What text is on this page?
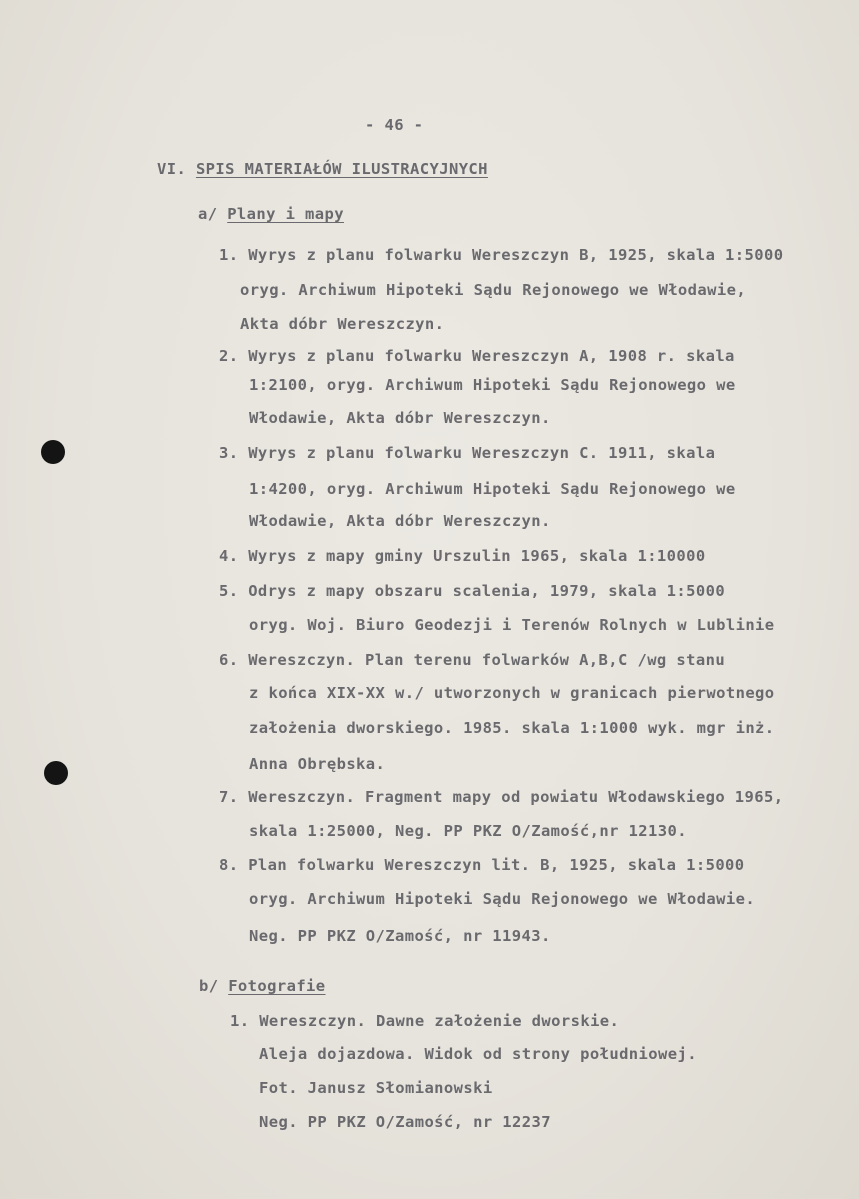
- 46 -
VI. SPIS MATERIAŁÓW ILUSTRACYJNYCH
a/ Plany i mapy
1. Wyrys z planu folwarku Wereszczyn B, 1925, skala 1:5000
oryg. Archiwum Hipoteki Sądu Rejonowego we Włodawie,
Akta dóbr Wereszczyn.
2. Wyrys z planu folwarku Wereszczyn A, 1908 r. skala
1:2100, oryg. Archiwum Hipoteki Sądu Rejonowego we
Włodawie, Akta dóbr Wereszczyn.
3. Wyrys z planu folwarku Wereszczyn C. 1911, skala
1:4200, oryg. Archiwum Hipoteki Sądu Rejonowego we
Włodawie, Akta dóbr Wereszczyn.
4. Wyrys z mapy gminy Urszulin 1965, skala 1:10000
5. Odrys z mapy obszaru scalenia, 1979, skala 1:5000
oryg. Woj. Biuro Geodezji i Terenów Rolnych w Lublinie
6. Wereszczyn. Plan terenu folwarków A,B,C /wg stanu
z końca XIX-XX w./ utworzonych w granicach pierwotnego
założenia dworskiego. 1985. skala 1:1000 wyk. mgr inż.
Anna Obrębska.
7. Wereszczyn. Fragment mapy od powiatu Włodawskiego 1965,
skala 1:25000, Neg. PP PKZ O/Zamość,nr 12130.
8. Plan folwarku Wereszczyn lit. B, 1925, skala 1:5000
oryg. Archiwum Hipoteki Sądu Rejonowego we Włodawie.
Neg. PP PKZ O/Zamość, nr 11943.
b/ Fotografie
1. Wereszczyn. Dawne założenie dworskie.
Aleja dojazdowa. Widok od strony południowej.
Fot. Janusz Słomianowski
Neg. PP PKZ O/Zamość, nr 12237
